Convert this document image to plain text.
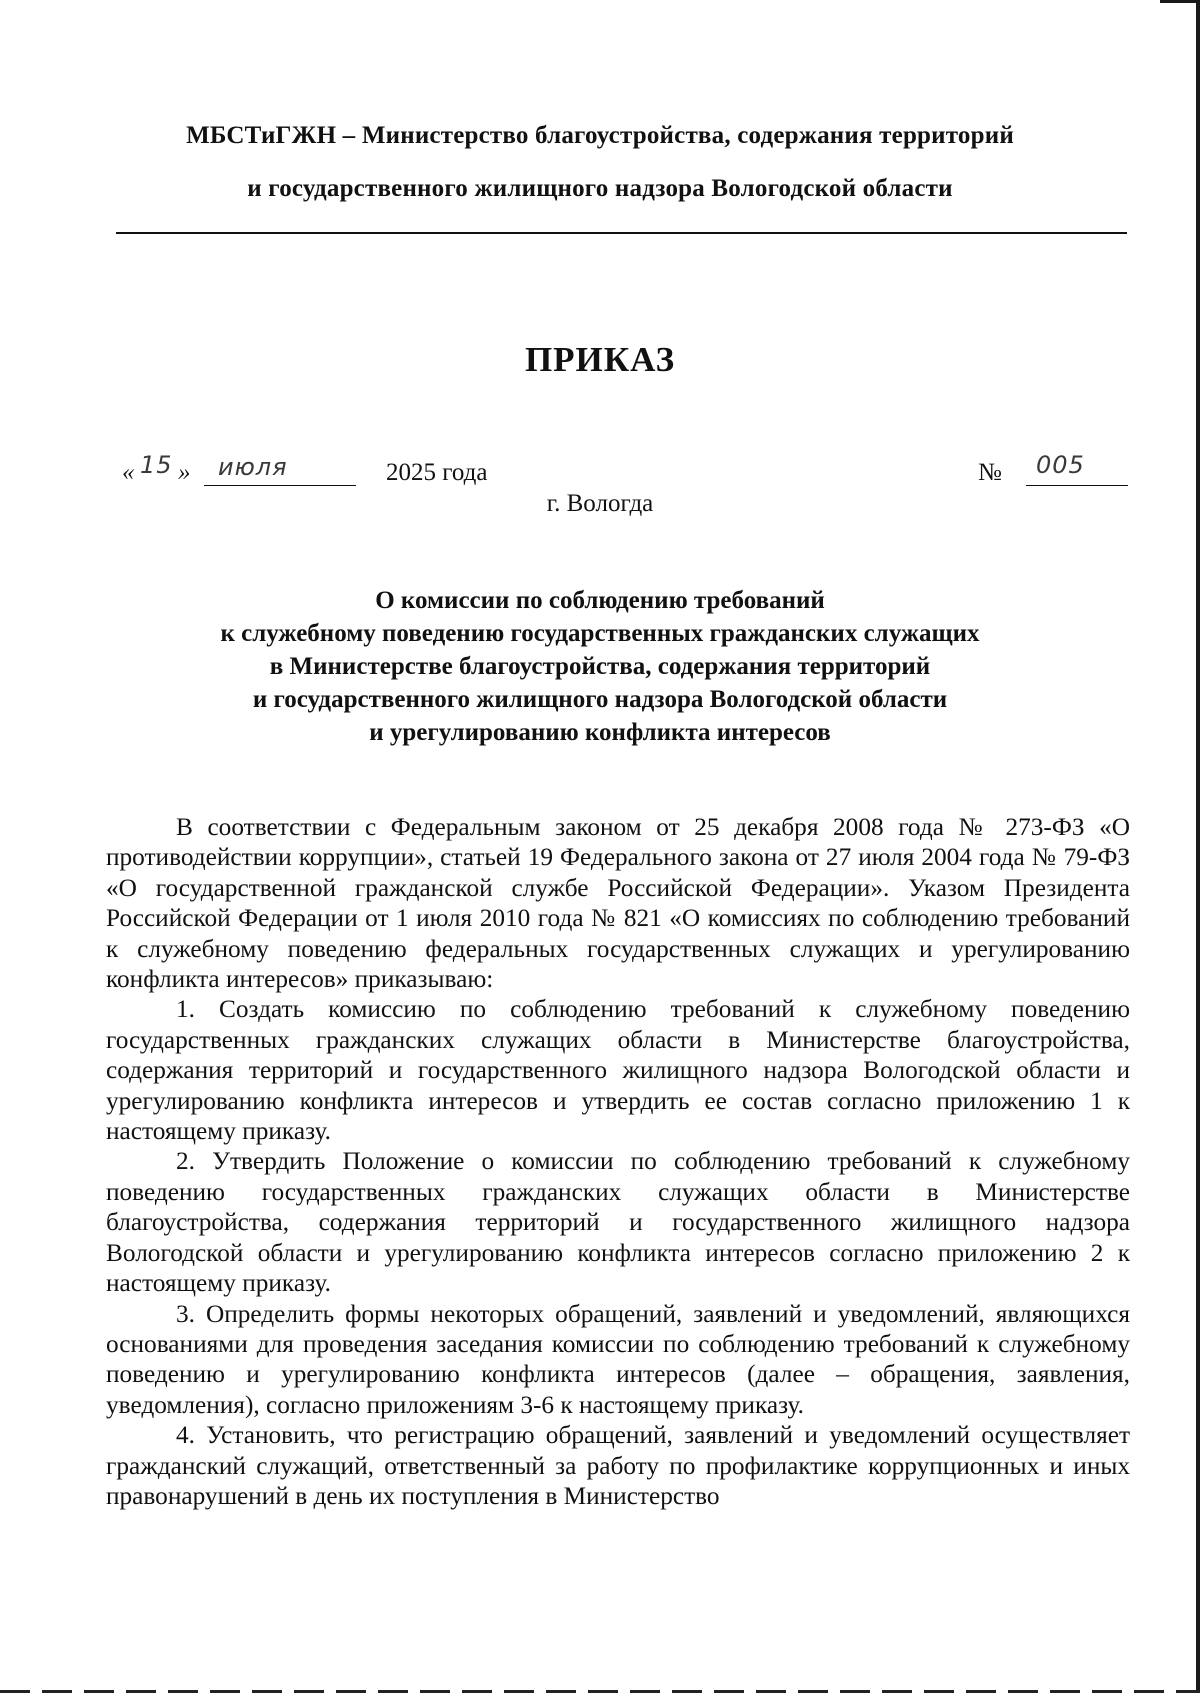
МБСТиГЖН – Министерство благоустройства, содержания территорий
и государственного жилищного надзора Вологодской области
ПРИКАЗ
« 15 » июля	2025 года	№ 005
г. Вологда
О комиссии по соблюдению требований
к служебному поведению государственных гражданских служащих
в Министерстве благоустройства, содержания территорий
и государственного жилищного надзора Вологодской области
и урегулированию конфликта интересов

В соответствии с Федеральным законом от 25 декабря 2008 года № 273-ФЗ «О противодействии коррупции», статьей 19 Федерального закона от 27 июля 2004 года № 79-ФЗ «О государственной гражданской службе Российской Федерации». Указом Президента Российской Федерации от 1 июля 2010 года № 821 «О комиссиях по соблюдению требований к служебному поведению федеральных государственных служащих и урегулированию конфликта интересов» приказываю:

1. Создать комиссию по соблюдению требований к служебному поведению государственных гражданских служащих области в Министерстве благоустройства, содержания территорий и государственного жилищного надзора Вологодской области и урегулированию конфликта интересов и утвердить ее состав согласно приложению 1 к настоящему приказу.

2. Утвердить Положение о комиссии по соблюдению требований к служебному поведению государственных гражданских служащих области в Министерстве благоустройства, содержания территорий и государственного жилищного надзора Вологодской области и урегулированию конфликта интересов согласно приложению 2 к настоящему приказу.

3. Определить формы некоторых обращений, заявлений и уведомлений, являющихся основаниями для проведения заседания комиссии по соблюдению требований к служебному поведению и урегулированию конфликта интересов (далее – обращения, заявления, уведомления), согласно приложениям 3-6 к настоящему приказу.

4. Установить, что регистрацию обращений, заявлений и уведомлений осуществляет гражданский служащий, ответственный за работу по профилактике коррупционных и иных правонарушений в день их поступления в Министерство
